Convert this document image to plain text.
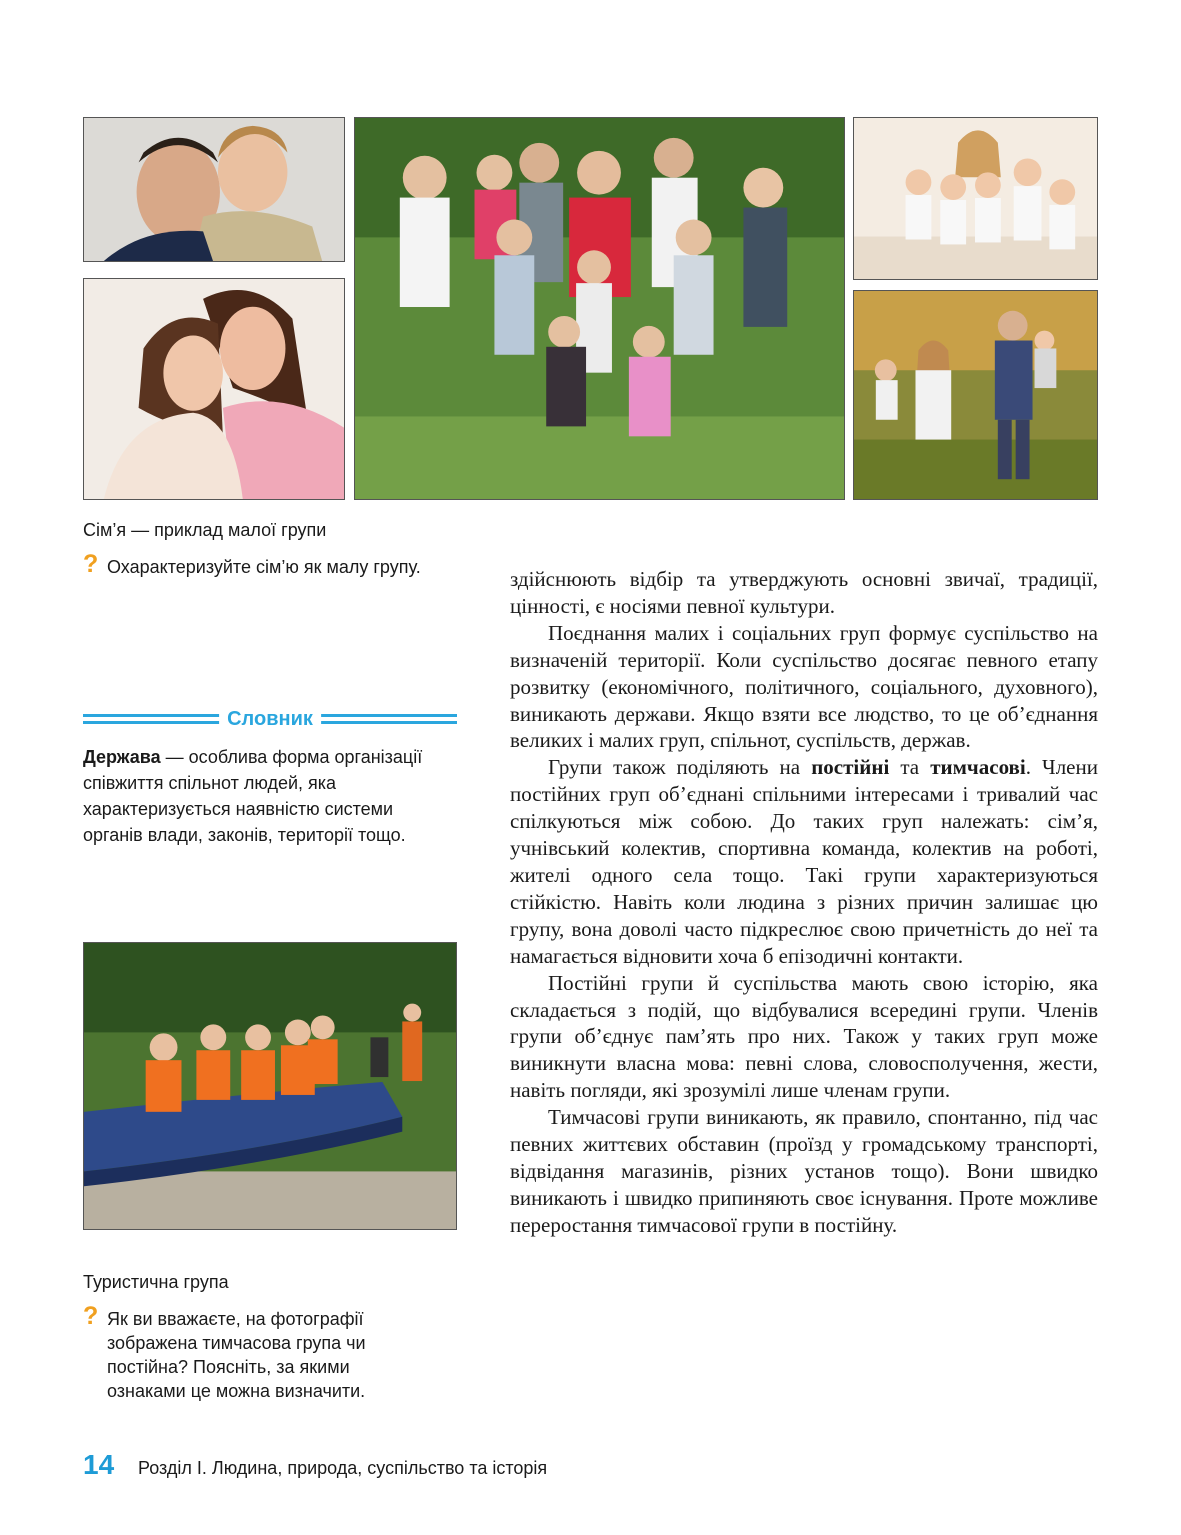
Сім’я — приклад малої групи
? Охарактеризуйте сім’ю як малу групу.
Словник
Держава — особлива форма організації співжиття спільнот людей, яка характеризується наявністю системи органів влади, законів, території тощо.
Туристична група
? Як ви вважаєте, на фотографії зображена тимчасова група чи постійна? Поясніть, за якими ознаками це можна визначити.

здійснюють відбір та утверджують основні звичаї, традиції, цінності, є носіями певної культури.

Поєднання малих і соціальних груп формує суспільство на визначеній території. Коли суспільство досягає певного етапу розвитку (економічного, політичного, соціального, духовного), виникають держави. Якщо взяти все людство, то це об’єднання великих і малих груп, спільнот, суспільств, держав.

Групи також поділяють на постійні та тимчасові. Члени постійних груп об’єднані спільними інтересами і тривалий час спілкуються між собою. До таких груп належать: сім’я, учнівський колектив, спортивна команда, колектив на роботі, жителі одного села тощо. Такі групи характеризуються стійкістю. Навіть коли людина з різних причин залишає цю групу, вона доволі часто підкреслює свою причетність до неї та намагається відновити хоча б епізодичні контакти.

Постійні групи й суспільства мають свою історію, яка складається з подій, що відбувалися всередині групи. Членів групи об’єднує пам’ять про них. Також у таких груп може виникнути власна мова: певні слова, словосполучення, жести, навіть погляди, які зрозумілі лише членам групи.

Тимчасові групи виникають, як правило, спонтанно, під час певних життєвих обставин (проїзд у громадському транспорті, відвідання магазинів, різних установ тощо). Вони швидко виникають і швидко припиняють своє існування. Проте можливе переростання тимчасової групи в постійну.

14 Розділ I. Людина, природа, суспільство та історія
